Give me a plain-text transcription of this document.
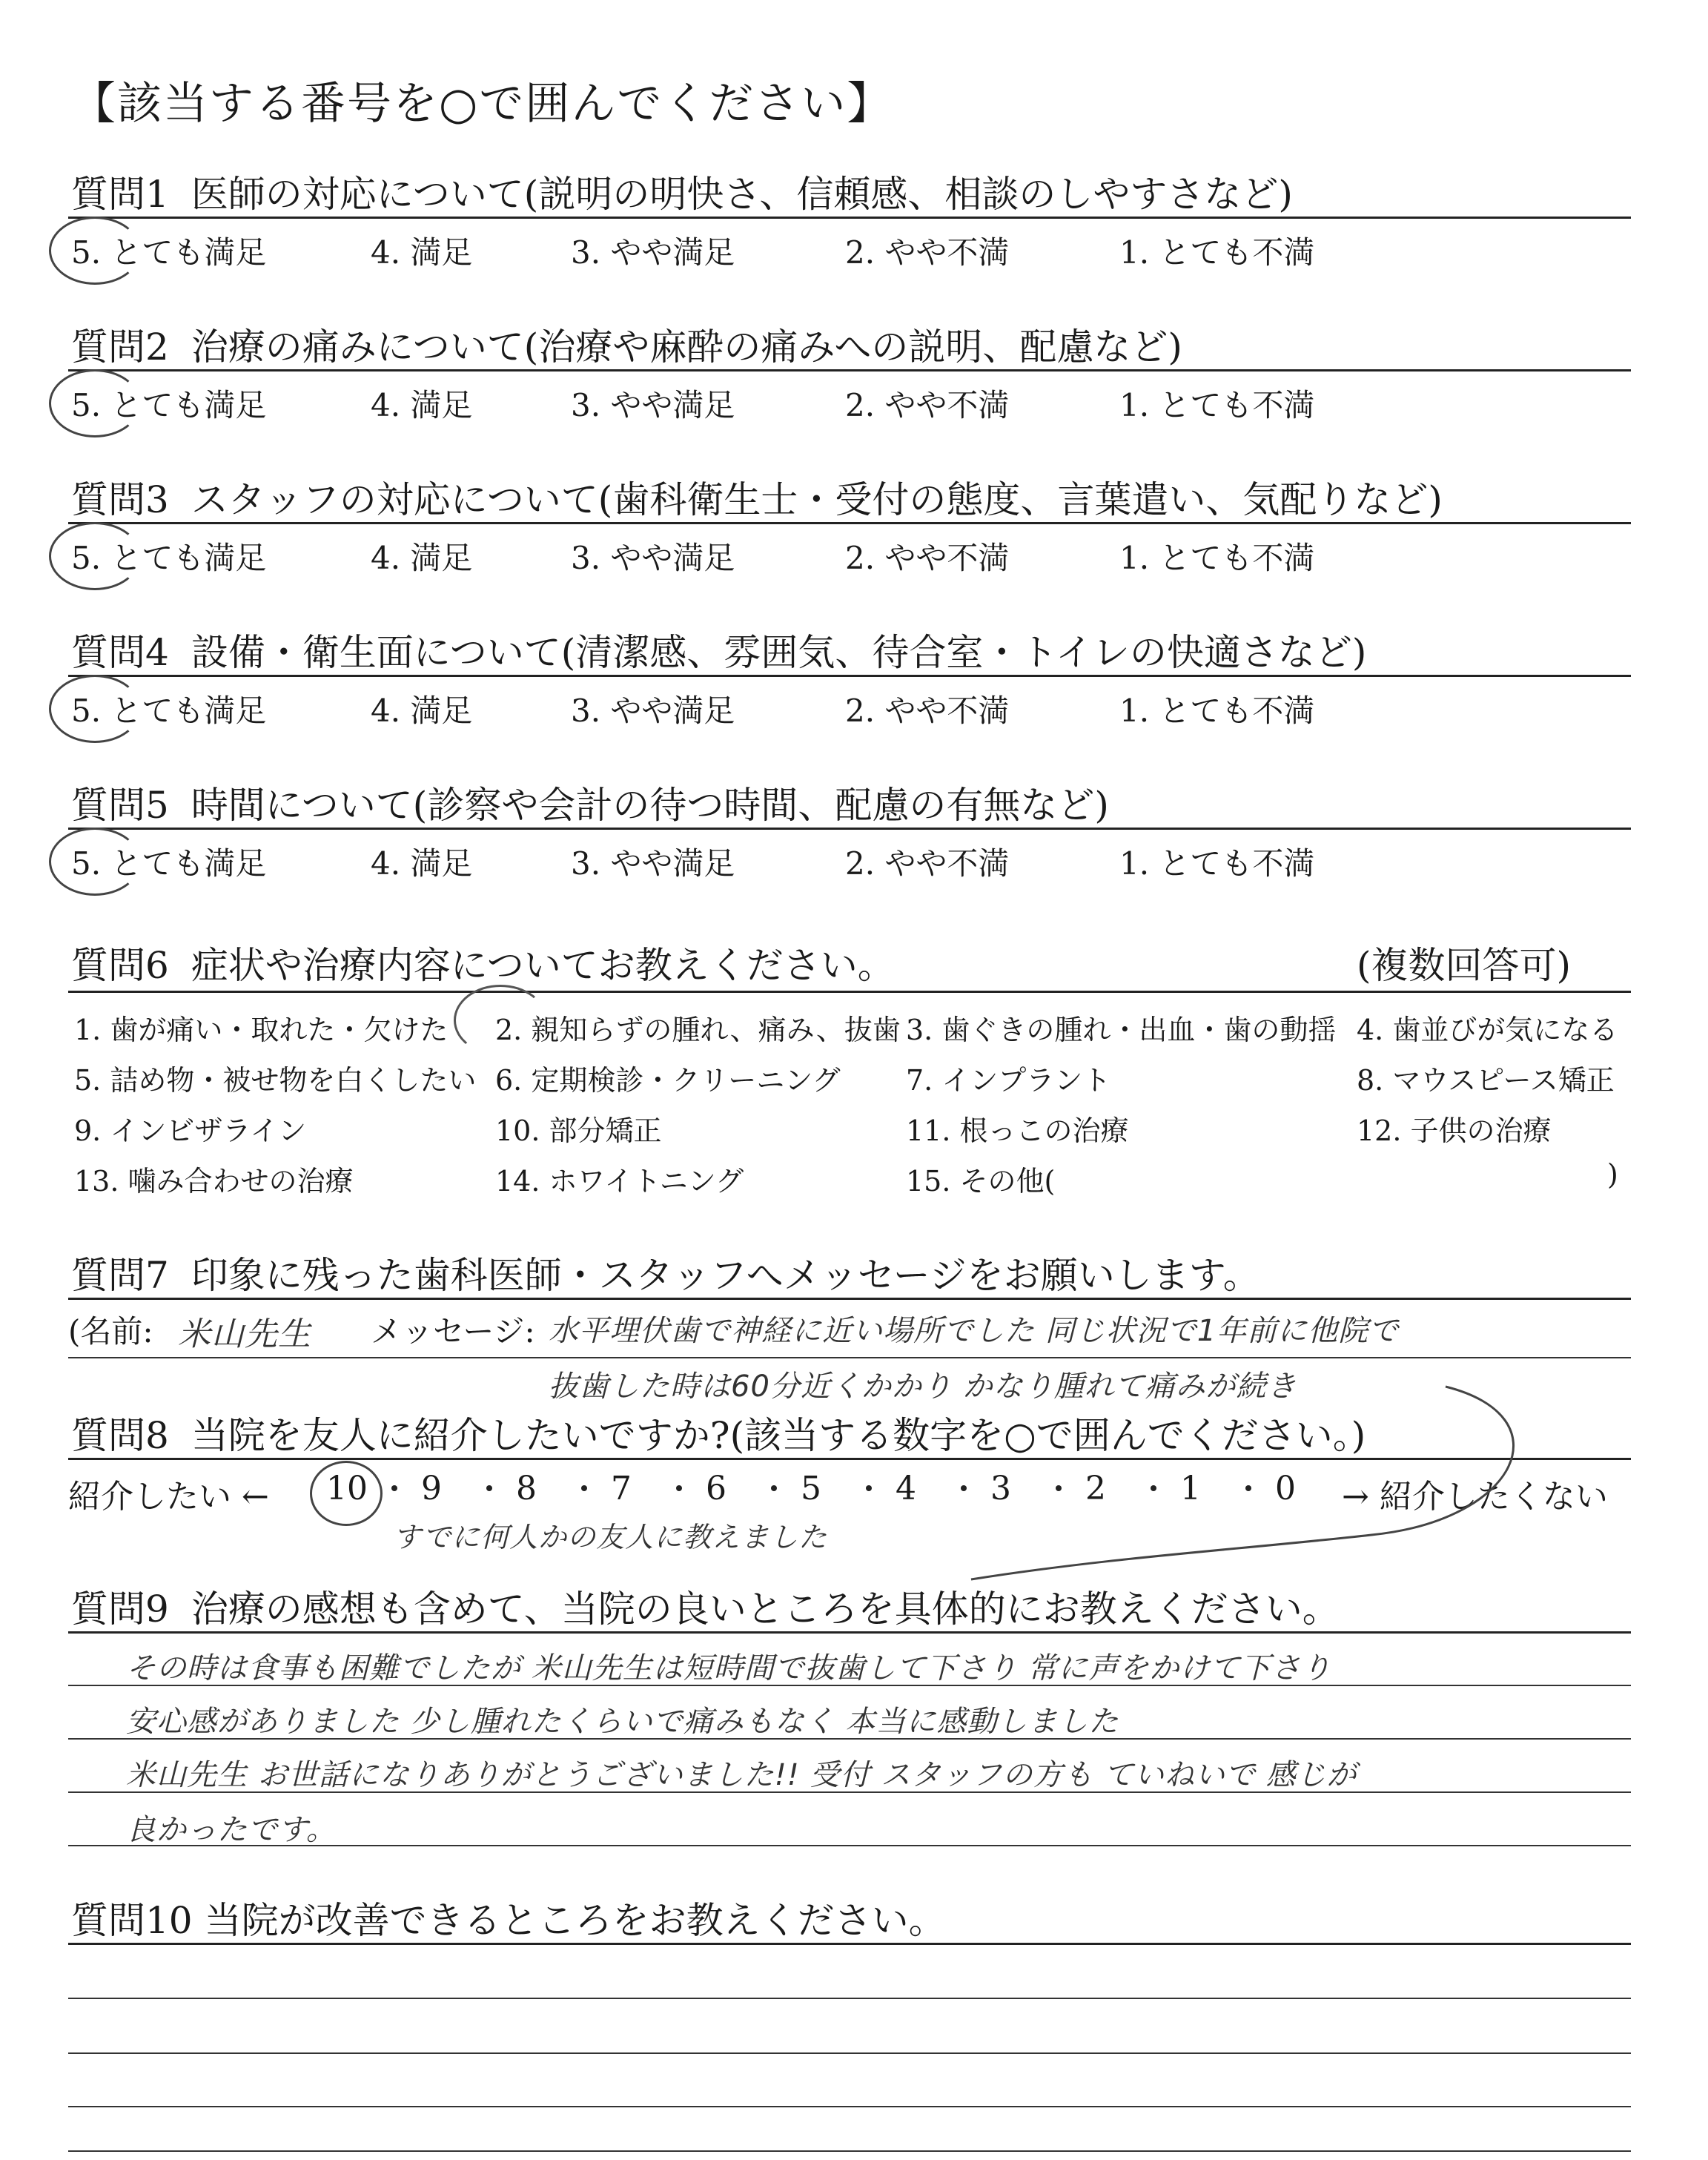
【該当する番号を○で囲んでください】
質問1 医師の対応について(説明の明快さ、信頼感、相談のしやすさなど)
5. とても満足	4. 満足	3. やや満足	2. やや不満	1. とても不満
質問2 治療の痛みについて(治療や麻酔の痛みへの説明、配慮など)
5. とても満足	4. 満足	3. やや満足	2. やや不満	1. とても不満
質問3 スタッフの対応について(歯科衛生士・受付の態度、言葉遣い、気配りなど)
5. とても満足	4. 満足	3. やや満足	2. やや不満	1. とても不満
質問4 設備・衛生面について(清潔感、雰囲気、待合室・トイレの快適さなど)
5. とても満足	4. 満足	3. やや満足	2. やや不満	1. とても不満
質問5 時間について(診察や会計の待つ時間、配慮の有無など)
5. とても満足	4. 満足	3. やや満足	2. やや不満	1. とても不満
質問6 症状や治療内容についてお教えください。	(複数回答可)
1. 歯が痛い・取れた・欠けた 2. 親知らずの腫れ、痛み、抜歯 3. 歯ぐきの腫れ・出血・歯の動揺 4. 歯並びが気になる
5. 詰め物・被せ物を白くしたい 6. 定期検診・クリーニング 7. インプラント	8. マウスピース矯正
9. インビザライン	10. 部分矯正	11. 根っこの治療	12. 子供の治療
13. 噛み合わせの治療	14. ホワイトニング	15. その他(	)
質問7 印象に残った歯科医師・スタッフへメッセージをお願いします。
(名前: 米山先生 メッセージ: 水平埋伏歯で神経に近い場所でした 同じ状況で1年前に他院で
抜歯した時は60分近くかかり かなり腫れて痛みが続き
質問8 当院を友人に紹介したいですか?(該当する数字を○で囲んでください。)
紹介したい ← 10 9 8 7 6 5 4 3 2 1 0 → 紹介したくない
すでに何人かの友人に教えました
質問9 治療の感想も含めて、当院の良いところを具体的にお教えください。
その時は食事も困難でしたが 米山先生は短時間で抜歯して下さり 常に声をかけて下さり
安心感がありました 少し腫れたくらいで痛みもなく 本当に感動しました
米山先生 お世話になりありがとうございました!! 受付 スタッフの方も ていねいで 感じが
良かったです。
質問10 当院が改善できるところをお教えください。
